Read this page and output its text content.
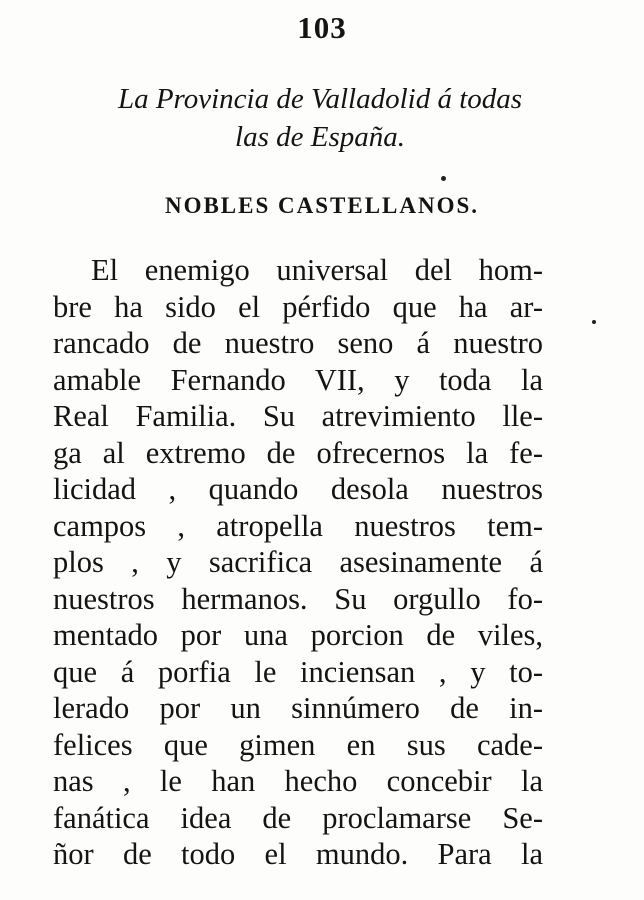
103
La Provincia de Valladolid á todas
las de España.
NOBLES CASTELLANOS.
El enemigo universal del hom-
bre ha sido el pérfido que ha ar-
rancado de nuestro seno á nuestro
amable Fernando VII, y toda la
Real Familia. Su atrevimiento lle-
ga al extremo de ofrecernos la fe-
licidad , quando desola nuestros
campos , atropella nuestros tem-
plos , y sacrifica asesinamente á
nuestros hermanos. Su orgullo fo-
mentado por una porcion de viles,
que á porfia le inciensan , y to-
lerado por un sinnúmero de in-
felices que gimen en sus cade-
nas , le han hecho concebir la
fanática idea de proclamarse Se-
ñor de todo el mundo. Para la
